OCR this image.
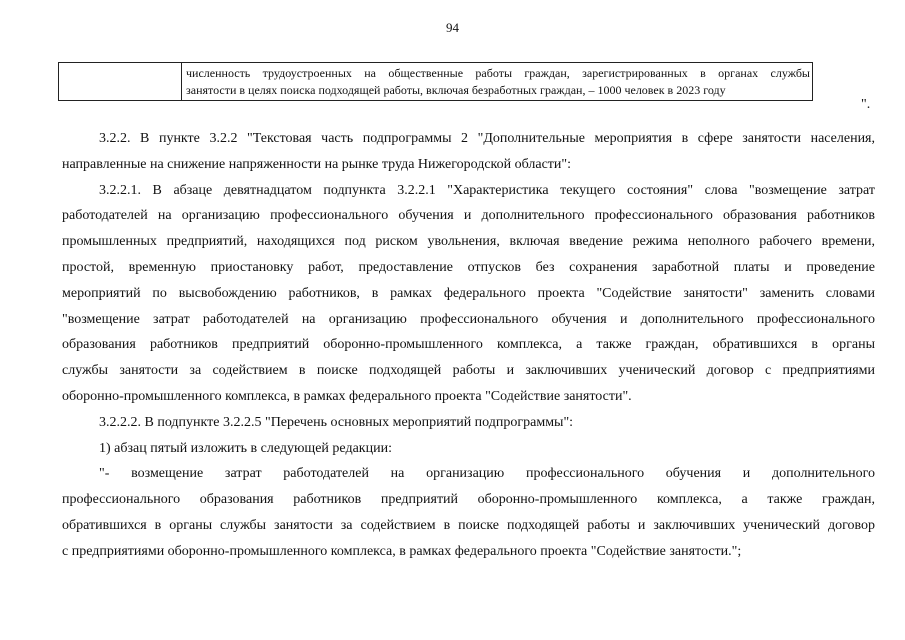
94

численность трудоустроенных на общественные работы граждан, зарегистрированных в органах службы

занятости в целях поиска подходящей работы, включая безработных граждан, – 1000 человек в 2023 году

".

3.2.2. В пункте 3.2.2 "Текстовая часть подпрограммы 2 "Дополнительные мероприятия в сфере занятости населения,
направленные на снижение напряженности на рынке труда Нижегородской области":

3.2.2.1. В абзаце девятнадцатом подпункта 3.2.2.1 "Характеристика текущего состояния" слова "возмещение затрат
работодателей на организацию профессионального обучения и дополнительного профессионального образования работников
промышленных предприятий, находящихся под риском увольнения, включая введение режима неполного рабочего времени,
простой, временную приостановку работ, предоставление отпусков без сохранения заработной платы и проведение
мероприятий по высвобождению работников, в рамках федерального проекта "Содействие занятости" заменить словами
"возмещение затрат работодателей на организацию профессионального обучения и дополнительного профессионального
образования работников предприятий оборонно-промышленного комплекса, а также граждан, обратившихся в органы
службы занятости за содействием в поиске подходящей работы и заключивших ученический договор с предприятиями
оборонно-промышленного комплекса, в рамках федерального проекта "Содействие занятости".

3.2.2.2. В подпункте 3.2.2.5 "Перечень основных мероприятий подпрограммы":

1) абзац пятый изложить в следующей редакции:

"- возмещение затрат работодателей на организацию профессионального обучения и дополнительного
профессионального образования работников предприятий оборонно-промышленного комплекса, а также граждан,
обратившихся в органы службы занятости за содействием в поиске подходящей работы и заключивших ученический договор
с предприятиями оборонно-промышленного комплекса, в рамках федерального проекта "Содействие занятости.";
